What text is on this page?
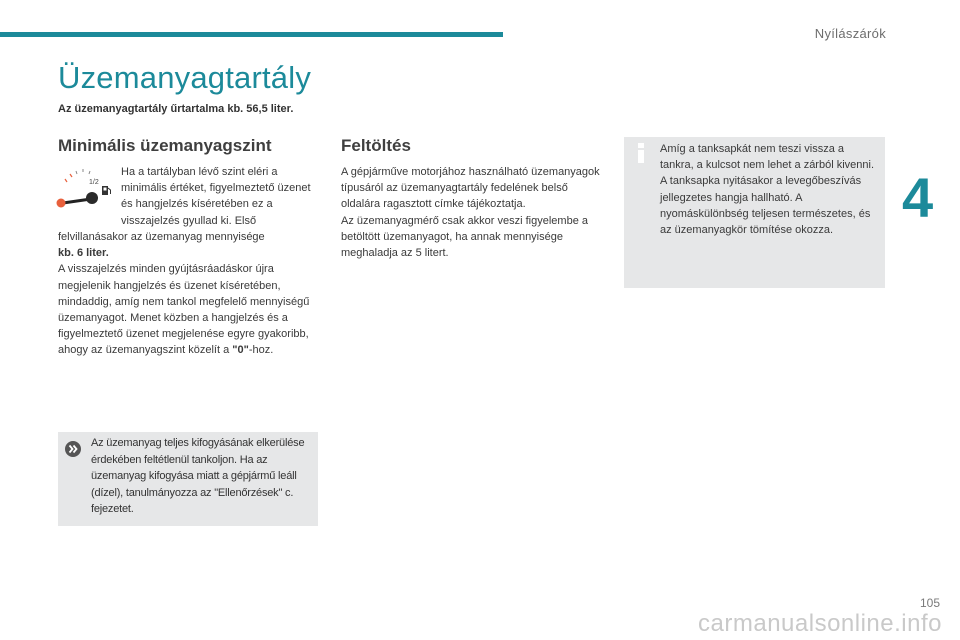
Nyílászárók
4
Üzemanyagtartály
Az üzemanyagtartály űrtartalma kb. 56,5 liter.
Minimális üzemanyagszint
1/2
Ha a tartályban lévő szint eléri a minimális értéket, figyelmeztető üzenet és hangjelzés kíséretében ez a visszajelzés gyullad ki. Első

felvillanásakor az üzemanyag mennyisége
kb. 6 liter.

A visszajelzés minden gyújtásráadáskor újra megjelenik hangjelzés és üzenet kíséretében, mindaddig, amíg nem tankol megfelelő mennyiségű üzemanyagot. Menet közben a hangjelzés és a figyelmeztető üzenet megjelenése egyre gyakoribb, ahogy az üzemanyagszint közelít a "0"-hoz.

Az üzemanyag teljes kifogyásának elkerülése érdekében feltétlenül tankoljon. Ha az üzemanyag kifogyása miatt a gépjármű leáll (dízel), tanulmányozza az "Ellenőrzések" c. fejezetet.
Feltöltés

A gépjárműve motorjához használható üzemanyagok típusáról az üzemanyagtartály fedelének belső oldalára ragasztott címke tájékoztatja.

Az üzemanyagmérő csak akkor veszi figyelembe a betöltött üzemanyagot, ha annak mennyisége meghaladja az 5 litert.

Amíg a tanksapkát nem teszi vissza a tankra, a kulcsot nem lehet a zárból kivenni.

A tanksapka nyitásakor a levegőbeszívás jellegzetes hangja hallható. A nyomáskülönbség teljesen természetes, és az üzemanyagkör tömítése okozza.

carmanualsonline.info
105
